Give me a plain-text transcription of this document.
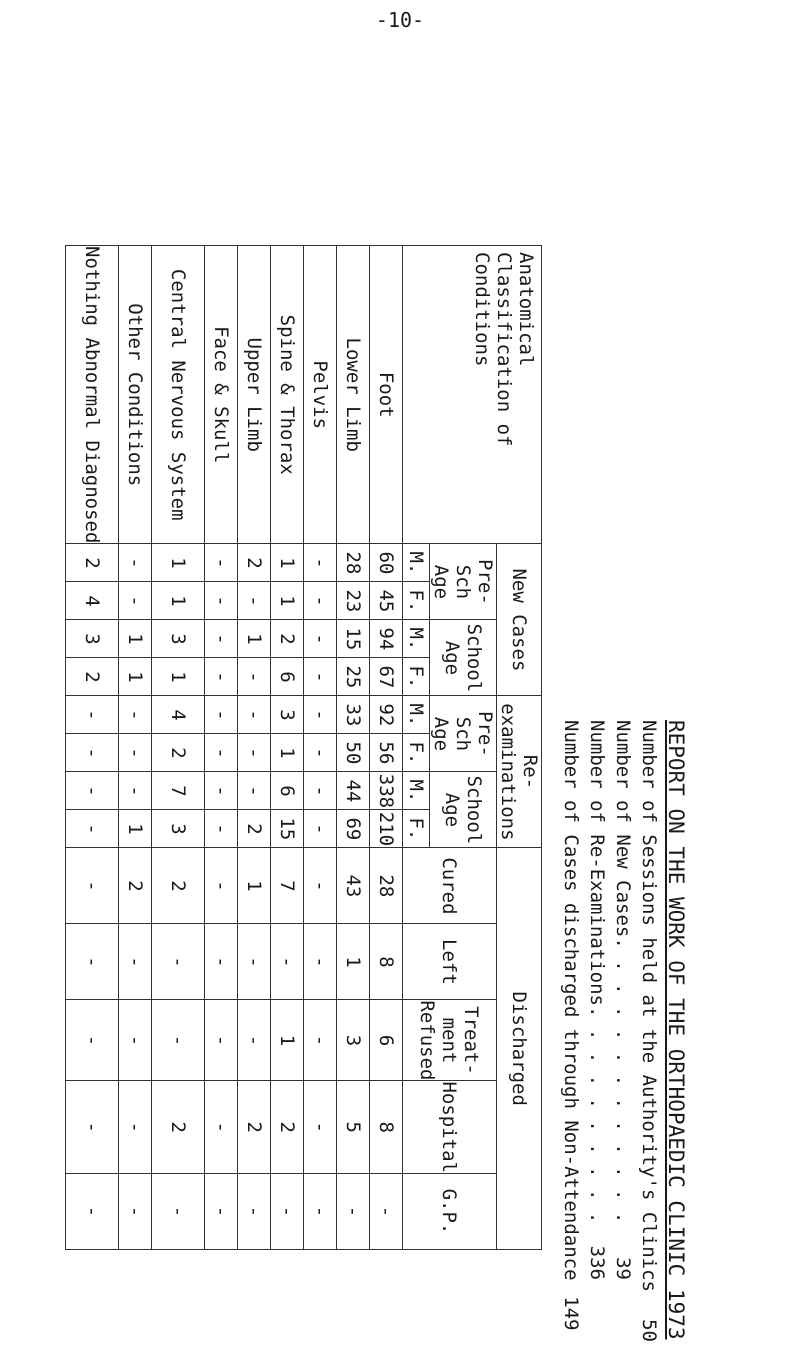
-10-
REPORT ON THE WORK OF THE ORTHOPAEDIC CLINIC 1973
Number of Sessions held at the Authority's Clinics
50
Number of New Cases
. . .
39
Number of Re-Examinations
. . .
336
Number of Cases discharged through Non-Attendance
149
Anatomical Classification of Conditions	New Cases				Re-examinations				Discharged				
	Pre-Sch Age		School Age		Pre-Sch Age		School Age		Cured	Left	Treat-ment Refused	Hospital	G.P.
	M.	F.	M.	F.	M.	F.	M.	F.					
Foot	60	45	94	67	92	56	338	210	28	8	6	8	-
Lower Limb	28	23	15	25	33	50	44	69	43	1	3	5	-
Pelvis	-	-	-	-	-	-	-	-	-	-	-	-	-
Spine & Thorax	1	1	2	6	3	1	6	15	7	-	1	2	-
Upper Limb	2	-	1	-	-	-	-	2	1	-	-	2	-
Face & Skull	-	-	-	-	-	-	-	-	-	-	-	-	-
Central Nervous System	1	1	3	1	4	2	7	3	2	-	-	2	-
Other Conditions	-	-	1	1	-	-	-	1	2	-	-	-	-
Nothing Abnormal Diagnosed	2	4	3	2	-	-	-	-	-	-	-	-	-
